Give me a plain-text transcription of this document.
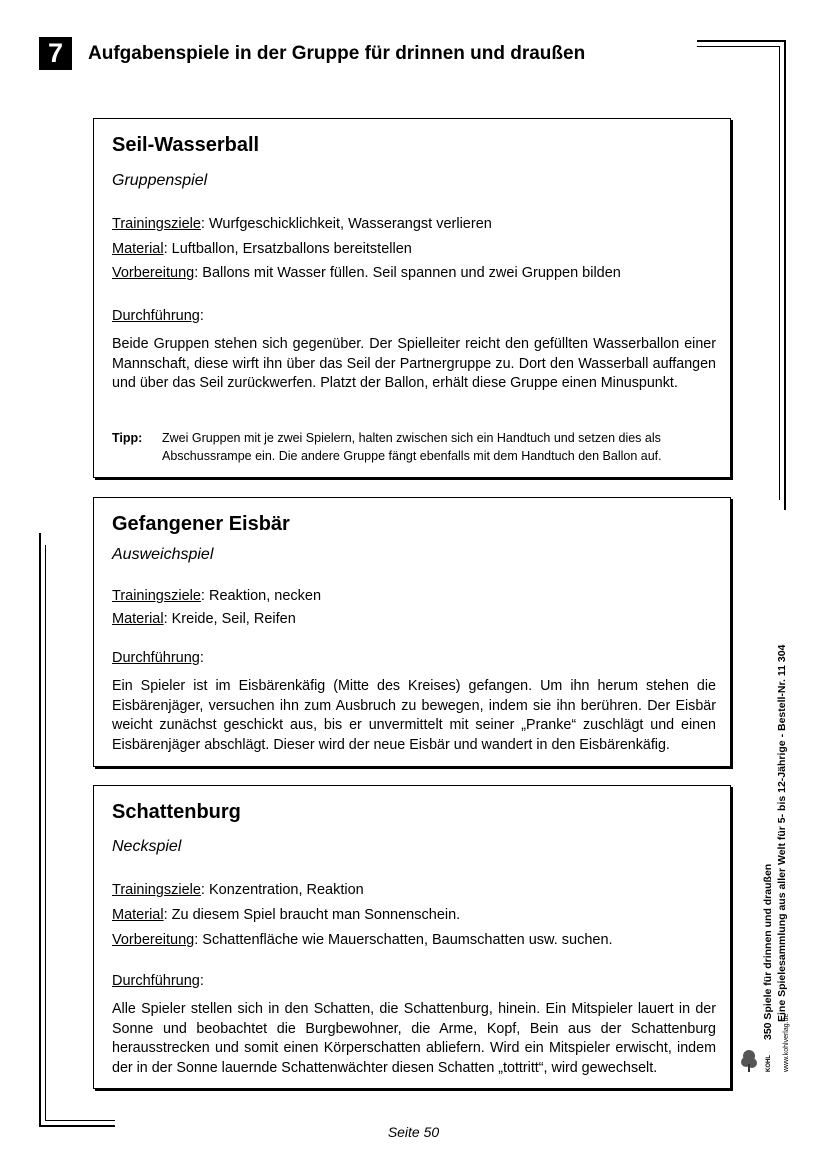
7	Aufgabenspiele in der Gruppe für drinnen und draußen
Seil-Wasserball
Gruppenspiel
Trainingsziele: Wurfgeschicklichkeit, Wasserangst verlieren
Material: Luftballon, Ersatzballons bereitstellen
Vorbereitung: Ballons mit Wasser füllen. Seil spannen und zwei Gruppen bilden
Durchführung:
Beide Gruppen stehen sich gegenüber. Der Spielleiter reicht den gefüllten Wasserballon einer Mannschaft, diese wirft ihn über das Seil der Partnergruppe zu. Dort den Wasserball auffangen und über das Seil zurückwerfen. Platzt der Ballon, erhält diese Gruppe einen Minuspunkt.
Tipp: Zwei Gruppen mit je zwei Spielern, halten zwischen sich ein Handtuch und setzen dies als Abschussrampe ein. Die andere Gruppe fängt ebenfalls mit dem Handtuch den Ballon auf.
Gefangener Eisbär
Ausweichspiel
Trainingsziele: Reaktion, necken
Material: Kreide, Seil, Reifen
Durchführung:
Ein Spieler ist im Eisbärenkäfig (Mitte des Kreises) gefangen. Um ihn herum stehen die Eisbärenjäger, versuchen ihn zum Ausbruch zu bewegen, indem sie ihn berühren. Der Eisbär weicht zunächst geschickt aus, bis er unvermittelt mit seiner „Pranke“ zuschlägt und einen Eisbärenjäger abschlägt. Dieser wird der neue Eisbär und wandert in den Eisbärenkäfig.
Schattenburg
Neckspiel
Trainingsziele: Konzentration, Reaktion
Material: Zu diesem Spiel braucht man Sonnenschein.
Vorbereitung: Schattenfläche wie Mauerschatten, Baumschatten usw. suchen.
Durchführung:
Alle Spieler stellen sich in den Schatten, die Schattenburg, hinein. Ein Mitspieler lauert in der Sonne und beobachtet die Burgbewohner, die Arme, Kopf, Bein aus der Schattenburg herausstrecken und somit einen Körperschatten abliefern. Wird ein Mitspieler erwischt, indem der in der Sonne lauernde Schattenwächter diesen Schatten „tottritt“, wird gewechselt.
350 Spiele für drinnen und draußen Eine Spielesammlung aus aller Welt für 5- bis 12-Jährige - Bestell-Nr. 11 304
www.kohlverlag.de
KOHL
Seite 50
